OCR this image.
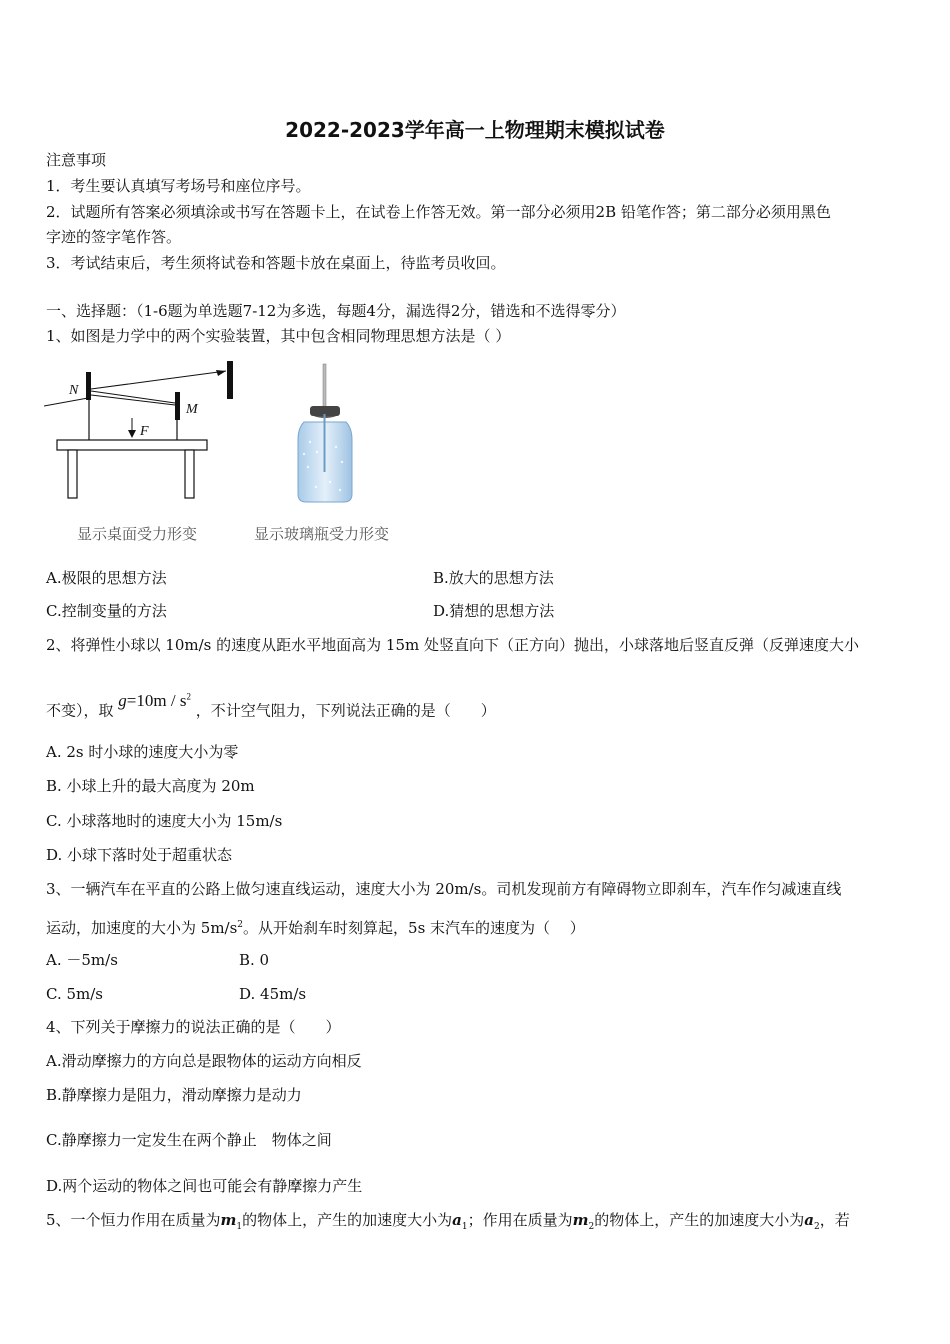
2022-2023学年高一上物理期末模拟试卷
注意事项
1．考生要认真填写考场号和座位序号。
2．试题所有答案必须填涂或书写在答题卡上，在试卷上作答无效。第一部分必须用2B 铅笔作答；第二部分必须用黑色
字迹的签字笔作答。
3．考试结束后，考生须将试卷和答题卡放在桌面上，待监考员收回。
一、选择题：（1-6题为单选题7-12为多选，每题4分，漏选得2分，错选和不选得零分）
1、如图是力学中的两个实验装置，其中包含相同物理思想方法是（ ）
N
M
F
显示桌面受力形变	显示玻璃瓶受力形变
A.极限的思想方法	B.放大的思想方法
C.控制变量的方法	D.猜想的思想方法
2、将弹性小球以 10m/s 的速度从距水平地面高为 15m 处竖直向下（正方向）抛出，小球落地后竖直反弹（反弹速度大小
不变），取 $g=10m / s^2$ ，不计空气阻力，下列说法正确的是（　　）
A. 2s 时小球的速度大小为零
B. 小球上升的最大高度为 20m
C. 小球落地时的速度大小为 15m/s
D. 小球下落时处于超重状态
3、一辆汽车在平直的公路上做匀速直线运动，速度大小为 20m/s。司机发现前方有障碍物立即刹车，汽车作匀减速直线
运动，加速度的大小为 $5m/s^2$。从开始刹车时刻算起，5s 末汽车的速度为（　 ）
A. －5m/s	B. 0
C. 5m/s	D. 45m/s
4、下列关于摩擦力的说法正确的是（　　）
A.滑动摩擦力的方向总是跟物体的运动方向相反
B.静摩擦力是阻力，滑动摩擦力是动力
C.静摩擦力一定发生在两个静止　物体之间
D.两个运动的物体之间也可能会有静摩擦力产生
5、一个恒力作用在质量为$m_1$的物体上，产生的加速度大小为$a_1$；作用在质量为$m_2$的物体上，产生的加速度大小为$a_2$，若
